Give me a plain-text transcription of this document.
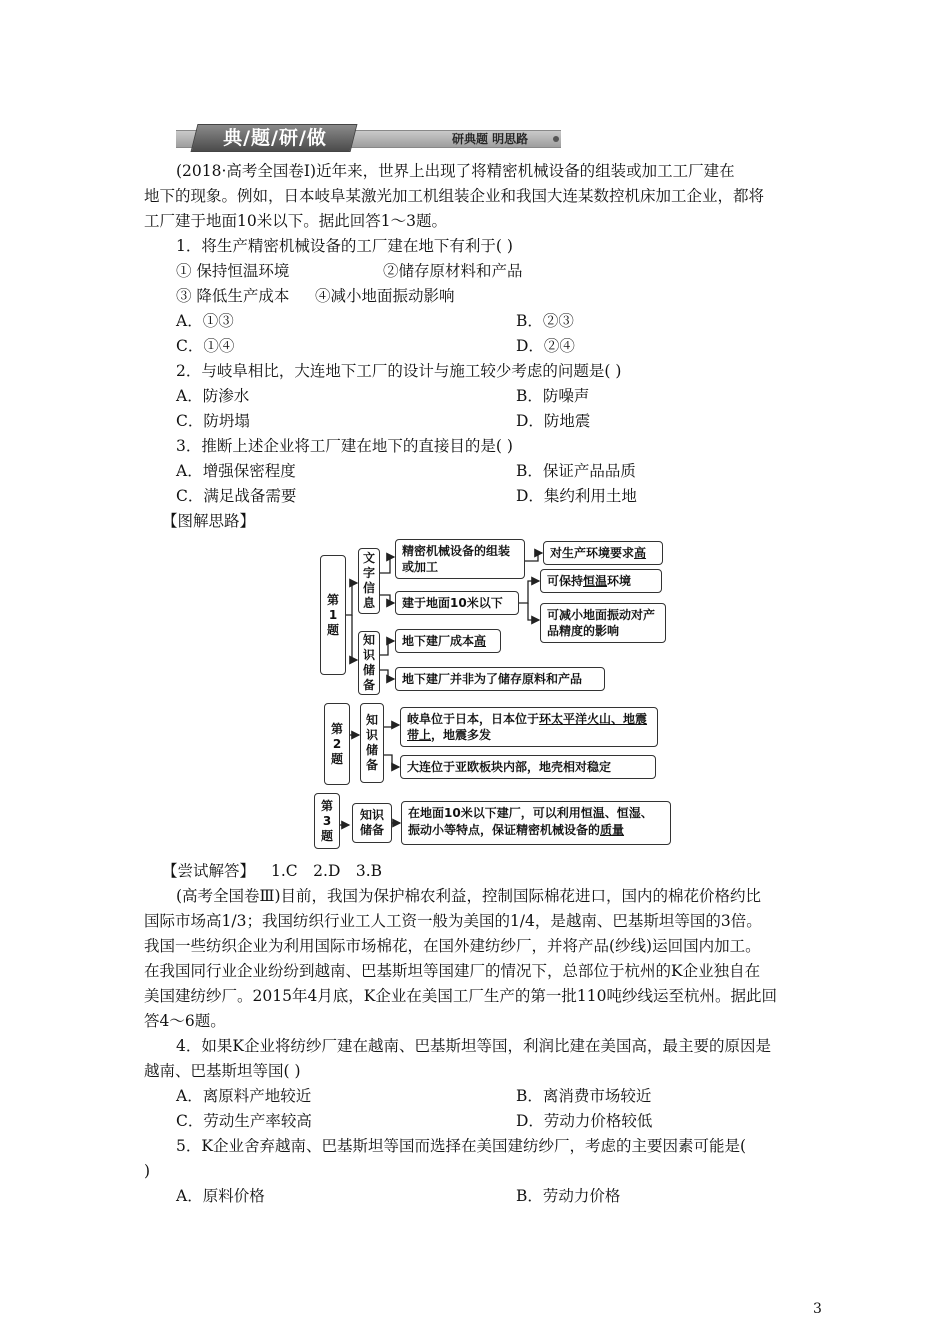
典/题/研/做	研典题 明思路
(2018·高考全国卷Ⅰ)近年来，世界上出现了将精密机械设备的组装或加工工厂建在
地下的现象。例如，日本岐阜某激光加工机组装企业和我国大连某数控机床加工企业，都将
工厂建于地面10米以下。据此回答1～3题。
1．将生产精密机械设备的工厂建在地下有利于( )
① 保持恒温环境	②储存原材料和产品
③ 降低生产成本 ④减小地面振动影响
A．①③	B．②③
C．①④	D．②④
2．与岐阜相比，大连地下工厂的设计与施工较少考虑的问题是( )
A．防渗水	B．防噪声
C．防坍塌	D．防地震
3．推断上述企业将工厂建在地下的直接目的是( )
A．增强保密程度	B．保证产品品质
C．满足战备需要	D．集约利用土地
【图解思路】
第1题
文字信息
知识储备
精密机械设备的组装或加工
对生产环境要求高
建于地面10米以下
可保持恒温环境
可减小地面振动对产品精度的影响
地下建厂成本高
地下建厂并非为了储存原料和产品
第2题
知识储备
岐阜位于日本，日本位于环太平洋火山、地震带上，地震多发
大连位于亚欧板块内部，地壳相对稳定
第3题
知识储备
在地面10米以下建厂，可以利用恒温、恒湿、振动小等特点，保证精密机械设备的质量
【尝试解答】 1.C　2.D　3.B
(高考全国卷Ⅲ)目前，我国为保护棉农利益，控制国际棉花进口，国内的棉花价格约比
国际市场高1/3；我国纺织行业工人工资一般为美国的1/4，是越南、巴基斯坦等国的3倍。
我国一些纺织企业为利用国际市场棉花，在国外建纺纱厂，并将产品(纱线)运回国内加工。
在我国同行业企业纷纷到越南、巴基斯坦等国建厂的情况下，总部位于杭州的K企业独自在
美国建纺纱厂。2015年4月底，K企业在美国工厂生产的第一批110吨纱线运至杭州。据此回
答4～6题。
4．如果K企业将纺纱厂建在越南、巴基斯坦等国，利润比建在美国高，最主要的原因是
越南、巴基斯坦等国( )
A．离原料产地较近	B．离消费市场较近
C．劳动生产率较高	D．劳动力价格较低
5．K企业舍弃越南、巴基斯坦等国而选择在美国建纺纱厂，考虑的主要因素可能是(
)
A．原料价格	B．劳动力价格
3
